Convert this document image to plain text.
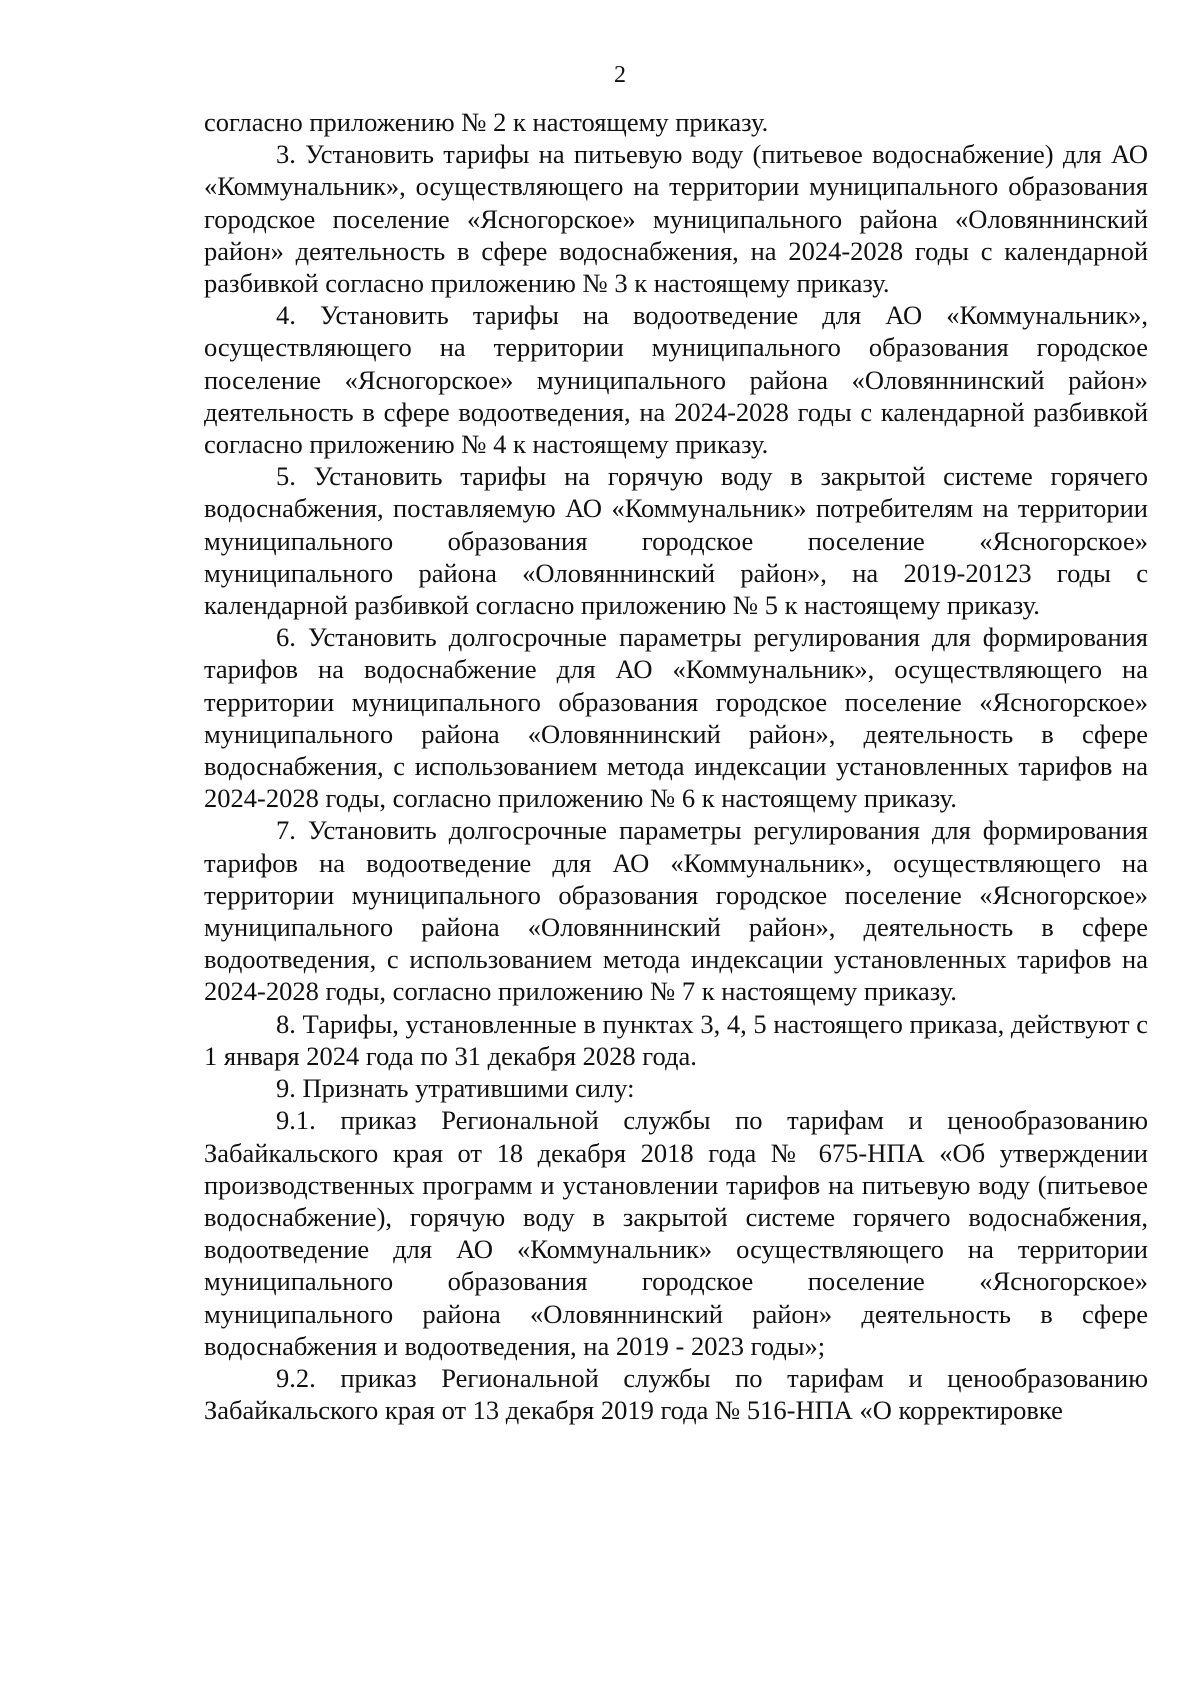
2

согласно приложению № 2 к настоящему приказу.

3. Установить тарифы на питьевую воду (питьевое водоснабжение) для АО «Коммунальник», осуществляющего на территории муниципального образования городское поселение «Ясногорское» муниципального района «Оловяннинский район» деятельность в сфере водоснабжения, на 2024-2028 годы с календарной разбивкой согласно приложению № 3 к настоящему приказу.

4. Установить тарифы на водоотведение для АО «Коммунальник», осуществляющего на территории муниципального образования городское поселение «Ясногорское» муниципального района «Оловяннинский район» деятельность в сфере водоотведения, на 2024-2028 годы с календарной разбивкой согласно приложению № 4 к настоящему приказу.

5. Установить тарифы на горячую воду в закрытой системе горячего водоснабжения, поставляемую АО «Коммунальник» потребителям на территории муниципального образования городское поселение «Ясногорское» муниципального района «Оловяннинский район», на 2019-20123 годы с календарной разбивкой согласно приложению № 5 к настоящему приказу.

6. Установить долгосрочные параметры регулирования для формирования тарифов на водоснабжение для АО «Коммунальник», осуществляющего на территории муниципального образования городское поселение «Ясногорское» муниципального района «Оловяннинский район», деятельность в сфере водоснабжения, с использованием метода индексации установленных тарифов на 2024-2028 годы, согласно приложению № 6 к настоящему приказу.

7. Установить долгосрочные параметры регулирования для формирования тарифов на водоотведение для АО «Коммунальник», осуществляющего на территории муниципального образования городское поселение «Ясногорское» муниципального района «Оловяннинский район», деятельность в сфере водоотведения, с использованием метода индексации установленных тарифов на 2024-2028 годы, согласно приложению № 7 к настоящему приказу.

8. Тарифы, установленные в пунктах 3, 4, 5 настоящего приказа, действуют с 1 января 2024 года по 31 декабря 2028 года.

9. Признать утратившими силу:

9.1. приказ Региональной службы по тарифам и ценообразованию Забайкальского края от 18 декабря 2018 года № 675-НПА «Об утверждении производственных программ и установлении тарифов на питьевую воду (питьевое водоснабжение), горячую воду в закрытой системе горячего водоснабжения, водоотведение для АО «Коммунальник» осуществляющего на территории муниципального образования городское поселение «Ясногорское» муниципального района «Оловяннинский район» деятельность в сфере водоснабжения и водоотведения, на 2019 - 2023 годы»;

9.2. приказ Региональной службы по тарифам и ценообразованию Забайкальского края от 13 декабря 2019 года № 516-НПА «О корректировке
